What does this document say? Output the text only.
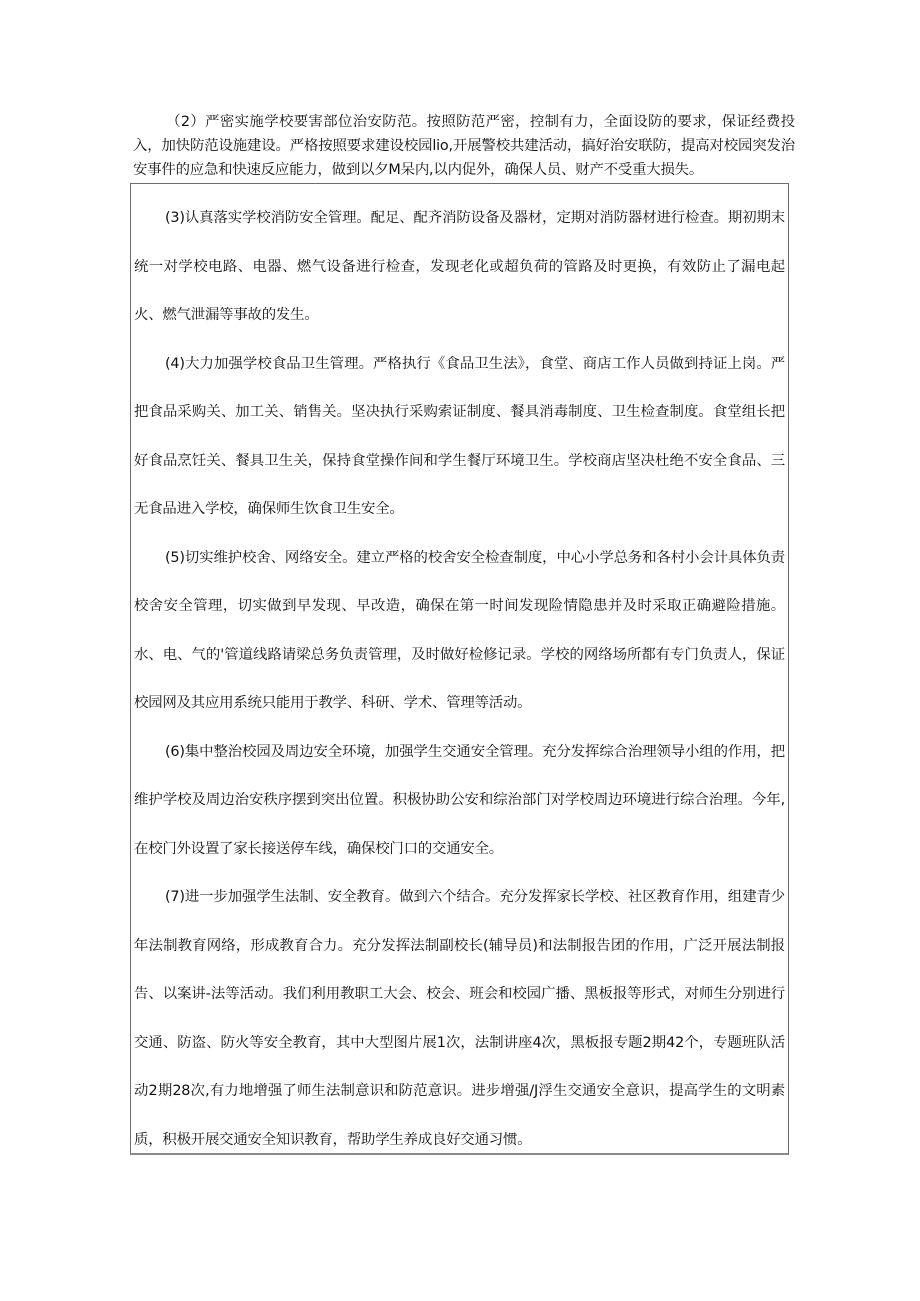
（2）严密实施学校要害部位治安防范。按照防范严密，控制有力，全面设防的要求，保证经费投入，加快防范设施建设。严格按照要求建设校园lio,开展警校共建活动，搞好治安联防，提高对校园突发治安事件的应急和快速反应能力，做到以夕M呆内,以内促外，确保人员、财产不受重大损失。

(3)认真落实学校消防安全管理。配足、配齐消防设备及器材，定期对消防器材进行检查。期初期末统一对学校电路、电器、燃气设备进行检查，发现老化或超负荷的管路及时更换，有效防止了漏电起火、燃气泄漏等事故的发生。

(4)大力加强学校食品卫生管理。严格执行《食品卫生法》，食堂、商店工作人员做到持证上岗。严把食品采购关、加工关、销售关。坚决执行采购索证制度、餐具消毒制度、卫生检查制度。食堂组长把好食品烹饪关、餐具卫生关，保持食堂操作间和学生餐厅环境卫生。学校商店坚决杜绝不安全食品、三无食品进入学校，确保师生饮食卫生安全。

(5)切实维护校舍、网络安全。建立严格的校舍安全检查制度，中心小学总务和各村小会计具体负责校舍安全管理，切实做到早发现、早改造，确保在第一时间发现险情隐患并及时采取正确避险措施。水、电、气的'管道线路请梁总务负责管理，及时做好检修记录。学校的网络场所都有专门负责人，保证校园网及其应用系统只能用于教学、科研、学术、管理等活动。

(6)集中整治校园及周边安全环境，加强学生交通安全管理。充分发挥综合治理领导小组的作用，把维护学校及周边治安秩序摆到突出位置。积极协助公安和综治部门对学校周边环境进行综合治理。今年,在校门外设置了家长接送停车线，确保校门口的交通安全。

(7)进一步加强学生法制、安全教育。做到六个结合。充分发挥家长学校、社区教育作用，组建青少年法制教育网络，形成教育合力。充分发挥法制副校长(辅导员)和法制报告团的作用，广泛开展法制报告、以案讲-法等活动。我们利用教职工大会、校会、班会和校园广播、黑板报等形式，对师生分别进行交通、防盗、防火等安全教育，其中大型图片展1次，法制讲座4次，黑板报专题2期42个，专题班队活动2期28次,有力地增强了师生法制意识和防范意识。进步增强/J浮生交通安全意识，提高学生的文明素质，积极开展交通安全知识教育，帮助学生养成良好交通习惯。
